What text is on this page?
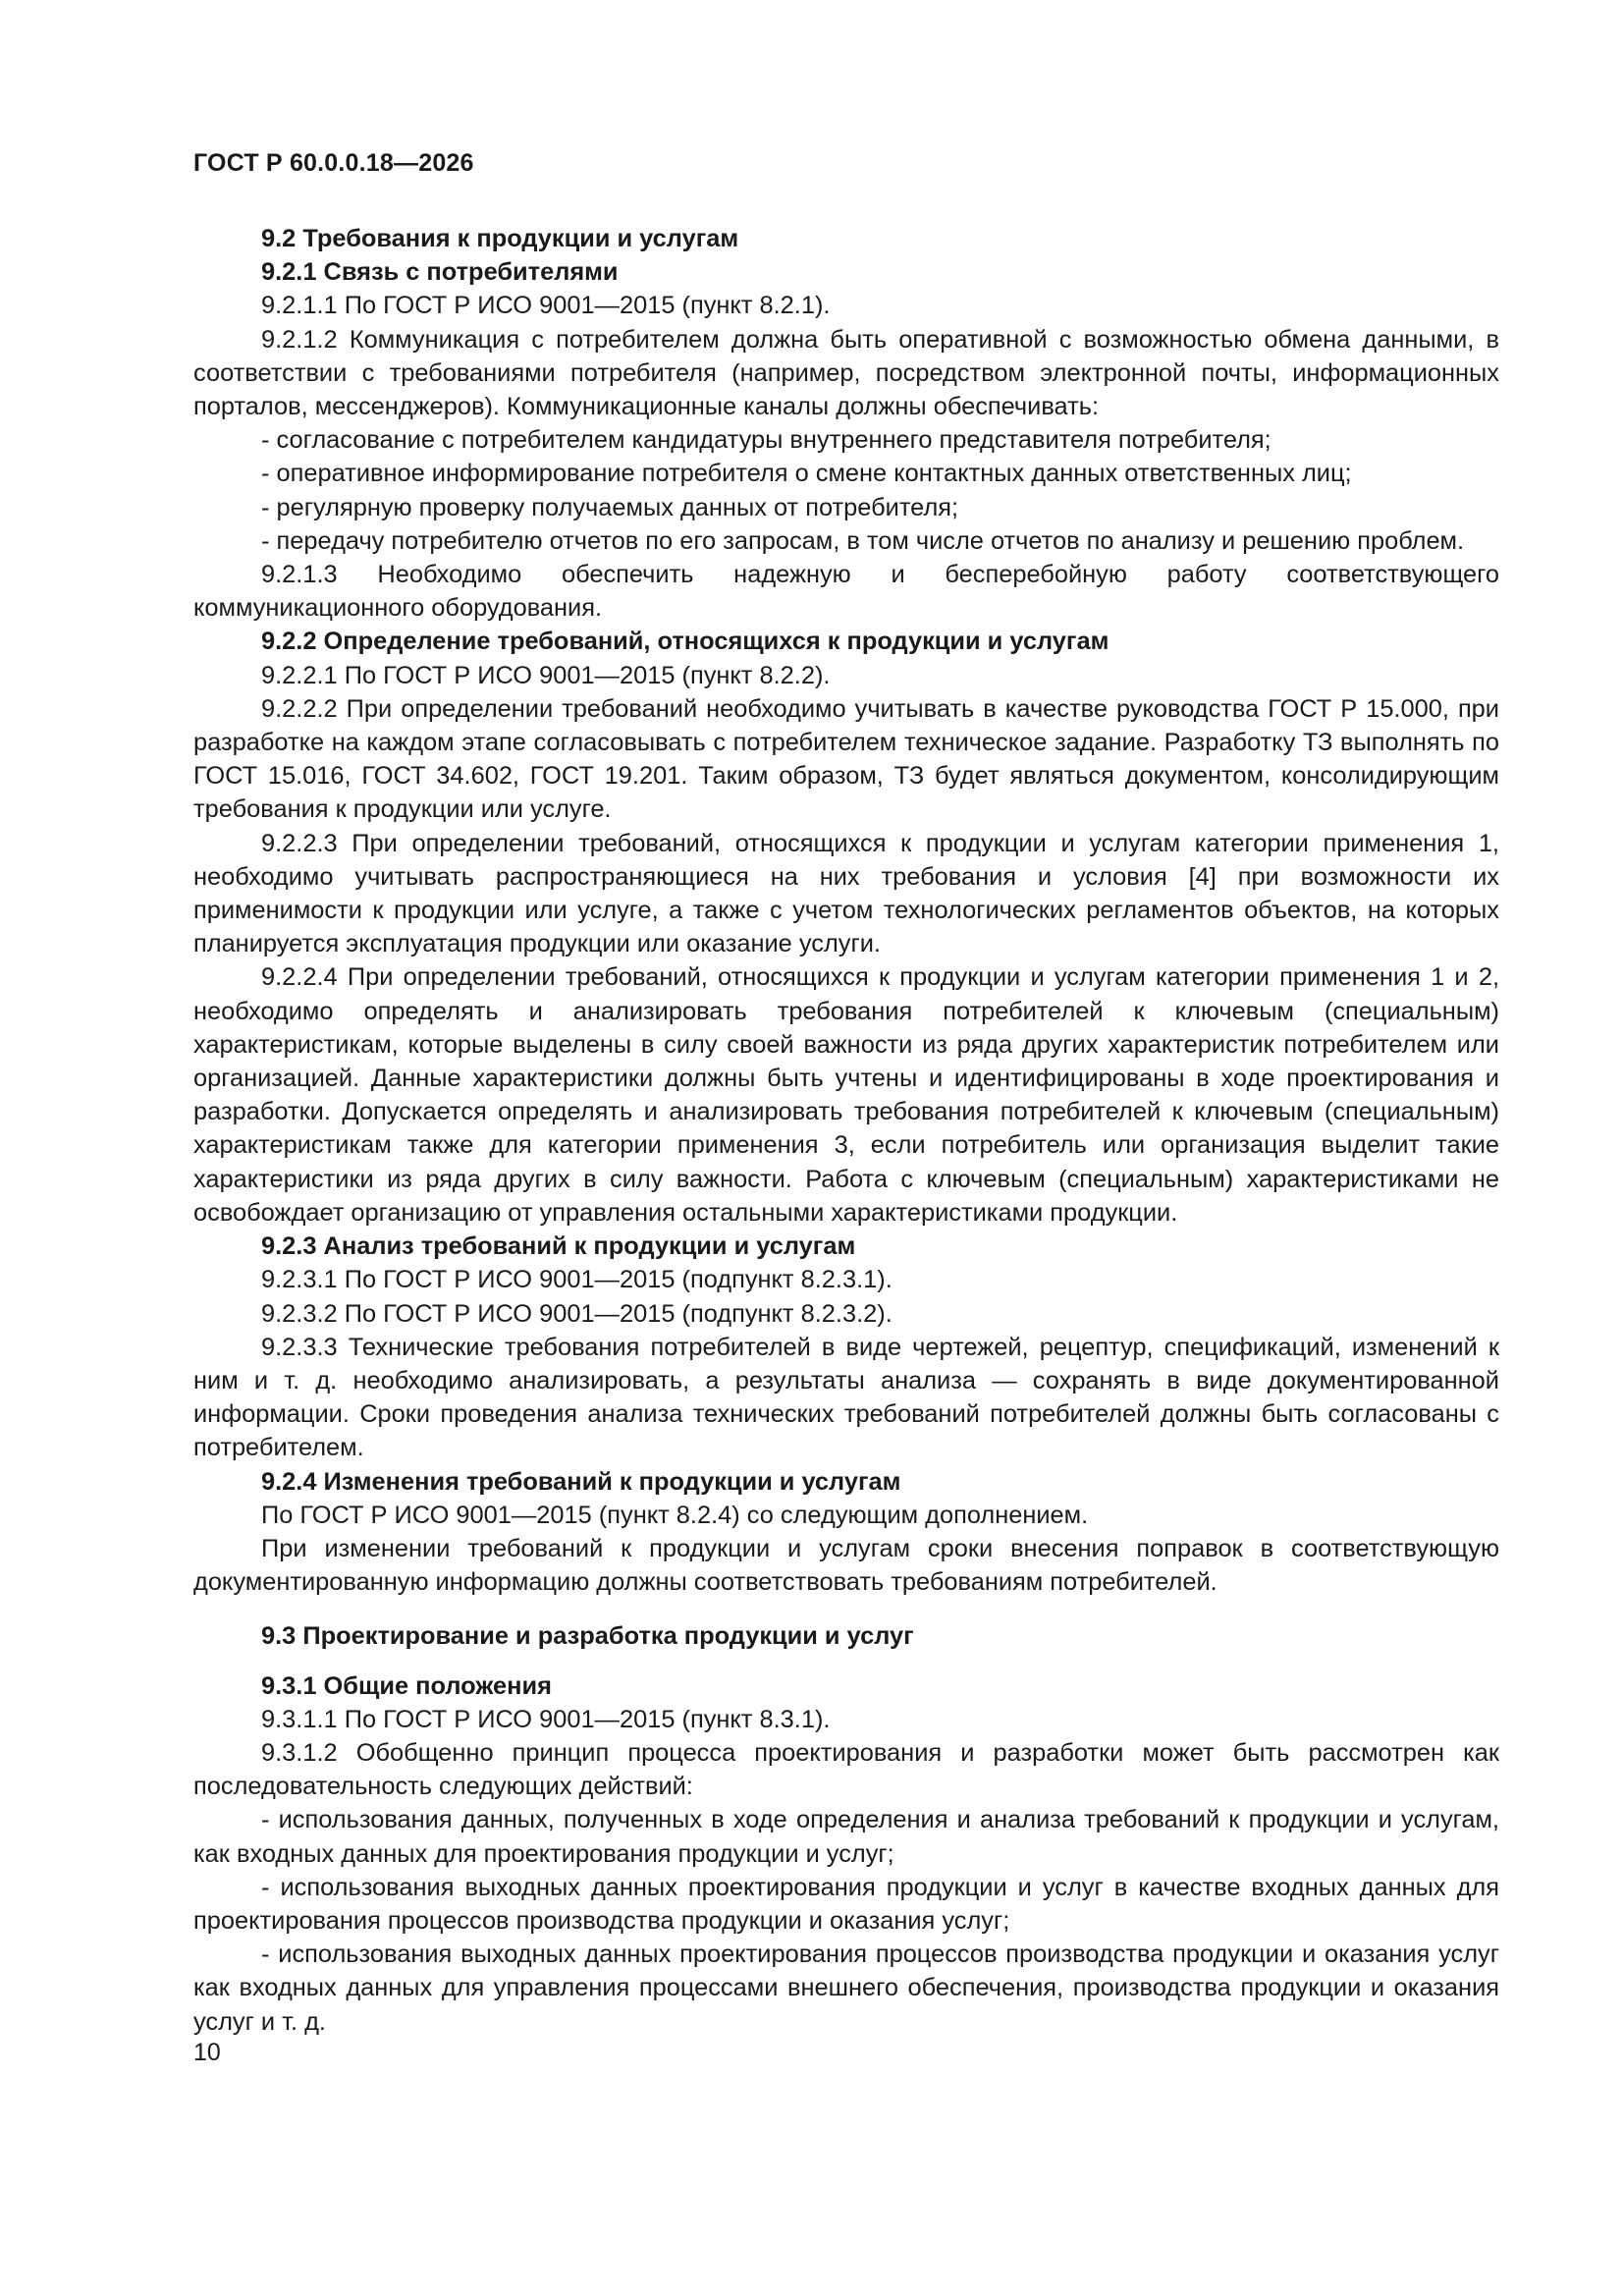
ГОСТ Р 60.0.0.18—2026

9.2 Требования к продукции и услугам

9.2.1 Связь с потребителями

9.2.1.1 По ГОСТ Р ИСО 9001—2015 (пункт 8.2.1).

9.2.1.2 Коммуникация с потребителем должна быть оперативной с возможностью обмена данными, в соответствии с требованиями потребителя (например, посредством электронной почты, информационных порталов, мессенджеров). Коммуникационные каналы должны обеспечивать:

- согласование с потребителем кандидатуры внутреннего представителя потребителя;

- оперативное информирование потребителя о смене контактных данных ответственных лиц;

- регулярную проверку получаемых данных от потребителя;

- передачу потребителю отчетов по его запросам, в том числе отчетов по анализу и решению проблем.

9.2.1.3 Необходимо обеспечить надежную и бесперебойную работу соответствующего коммуникационного оборудования.

9.2.2 Определение требований, относящихся к продукции и услугам

9.2.2.1 По ГОСТ Р ИСО 9001—2015 (пункт 8.2.2).

9.2.2.2 При определении требований необходимо учитывать в качестве руководства ГОСТ Р 15.000, при разработке на каждом этапе согласовывать с потребителем техническое задание. Разработку ТЗ выполнять по ГОСТ 15.016, ГОСТ 34.602, ГОСТ 19.201. Таким образом, ТЗ будет являться документом, консолидирующим требования к продукции или услуге.

9.2.2.3 При определении требований, относящихся к продукции и услугам категории применения 1, необходимо учитывать распространяющиеся на них требования и условия [4] при возможности их применимости к продукции или услуге, а также с учетом технологических регламентов объектов, на которых планируется эксплуатация продукции или оказание услуги.

9.2.2.4 При определении требований, относящихся к продукции и услугам категории применения 1 и 2, необходимо определять и анализировать требования потребителей к ключевым (специальным) характеристикам, которые выделены в силу своей важности из ряда других характеристик потребителем или организацией. Данные характеристики должны быть учтены и идентифицированы в ходе проектирования и разработки. Допускается определять и анализировать требования потребителей к ключевым (специальным) характеристикам также для категории применения 3, если потребитель или организация выделит такие характеристики из ряда других в силу важности. Работа с ключевым (специальным) характеристиками не освобождает организацию от управления остальными характеристиками продукции.

9.2.3 Анализ требований к продукции и услугам

9.2.3.1 По ГОСТ Р ИСО 9001—2015 (подпункт 8.2.3.1).

9.2.3.2 По ГОСТ Р ИСО 9001—2015 (подпункт 8.2.3.2).

9.2.3.3 Технические требования потребителей в виде чертежей, рецептур, спецификаций, изменений к ним и т. д. необходимо анализировать, а результаты анализа — сохранять в виде документированной информации. Сроки проведения анализа технических требований потребителей должны быть согласованы с потребителем.

9.2.4 Изменения требований к продукции и услугам

По ГОСТ Р ИСО 9001—2015 (пункт 8.2.4) со следующим дополнением.

При изменении требований к продукции и услугам сроки внесения поправок в соответствующую документированную информацию должны соответствовать требованиям потребителей.

9.3 Проектирование и разработка продукции и услуг

9.3.1 Общие положения

9.3.1.1 По ГОСТ Р ИСО 9001—2015 (пункт 8.3.1).

9.3.1.2 Обобщенно принцип процесса проектирования и разработки может быть рассмотрен как последовательность следующих действий:

- использования данных, полученных в ходе определения и анализа требований к продукции и услугам, как входных данных для проектирования продукции и услуг;

- использования выходных данных проектирования продукции и услуг в качестве входных данных для проектирования процессов производства продукции и оказания услуг;

- использования выходных данных проектирования процессов производства продукции и оказания услуг как входных данных для управления процессами внешнего обеспечения, производства продукции и оказания услуг и т. д.

10
